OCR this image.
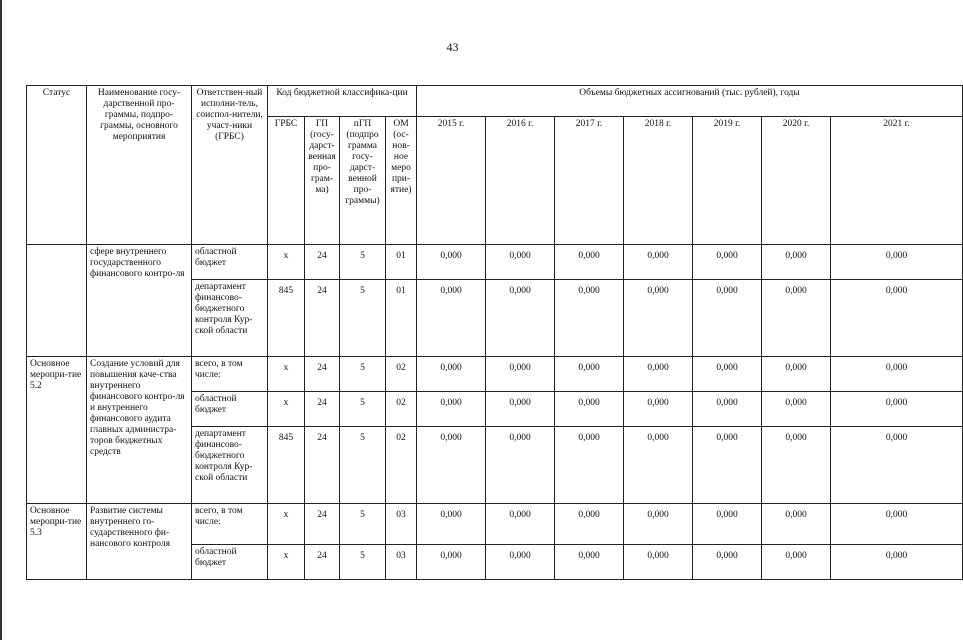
43
Статус	Наименование госу-дарственной про-граммы, подпро-граммы, основного мероприятия	Ответствен-ный исполни-тель, соиспол-нители, участ-ники (ГРБС)	Код бюджетной классифика-ции				Объемы бюджетных ассигнований (тыс. рублей), годы						
			ГРБС	ГП (госу-дарст-венная про-грам-ма)	пГП (подпро грамма госу-дарст-венной про-граммы)	ОМ (ос-нов-ное меро при-ятие)	2015 г.	2016 г.	2017 г.	2018 г.	2019 г.	2020 г.	2021 г.
	сфере внутреннего государственного финансового контро-ля	областной бюджет	x	24	5	01	0,000	0,000	0,000	0,000	0,000	0,000	0,000
		департамент финансово-бюджетного контроля Кур-ской области	845	24	5	01	0,000	0,000	0,000	0,000	0,000	0,000	0,000
Основное меропри-тие 5.2	Создание условий для повышения каче-ства внутреннего финансового контро-ля и внутреннего финансового аудита главных администра-торов бюджетных средств	всего, в том числе:	x	24	5	02	0,000	0,000	0,000	0,000	0,000	0,000	0,000
		областной бюджет	x	24	5	02	0,000	0,000	0,000	0,000	0,000	0,000	0,000
		департамент финансово-бюджетного контроля Кур-ской области	845	24	5	02	0,000	0,000	0,000	0,000	0,000	0,000	0,000
Основное меропри-тие 5.3	Развитие системы внутреннего го-сударственного фи-нансового контроля	всего, в том числе:	x	24	5	03	0,000	0,000	0,000	0,000	0,000	0,000	0,000
		областной бюджет	x	24	5	03	0,000	0,000	0,000	0,000	0,000	0,000	0,000
